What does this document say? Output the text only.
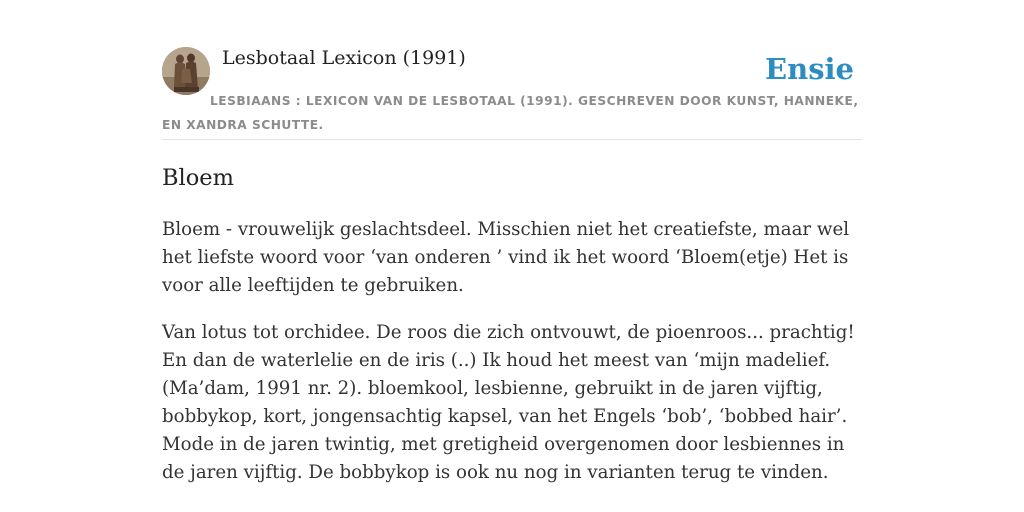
Lesbotaal Lexicon (1991)	Ensie
LESBIAANS : LEXICON VAN DE LESBOTAAL (1991). GESCHREVEN DOOR KUNST, HANNEKE, EN XANDRA SCHUTTE.
Bloem

Bloem - vrouwelijk geslachtsdeel. Misschien niet het creatiefste, maar wel het liefste woord voor ‘van onderen ’ vind ik het woord ‘Bloem(etje) Het is voor alle leeftijden te gebruiken.

Van lotus tot orchidee. De roos die zich ontvouwt, de pioenroos... prachtig! En dan de waterlelie en de iris (..) Ik houd het meest van ‘mijn madelief. (Ma’dam, 1991 nr. 2). bloemkool, lesbienne, gebruikt in de jaren vijftig, bobbykop, kort, jongensachtig kapsel, van het Engels ‘bob’, ‘bobbed hair’. Mode in de jaren twintig, met gretigheid overgenomen door lesbiennes in de jaren vijftig. De bobbykop is ook nu nog in varianten terug te vinden.
